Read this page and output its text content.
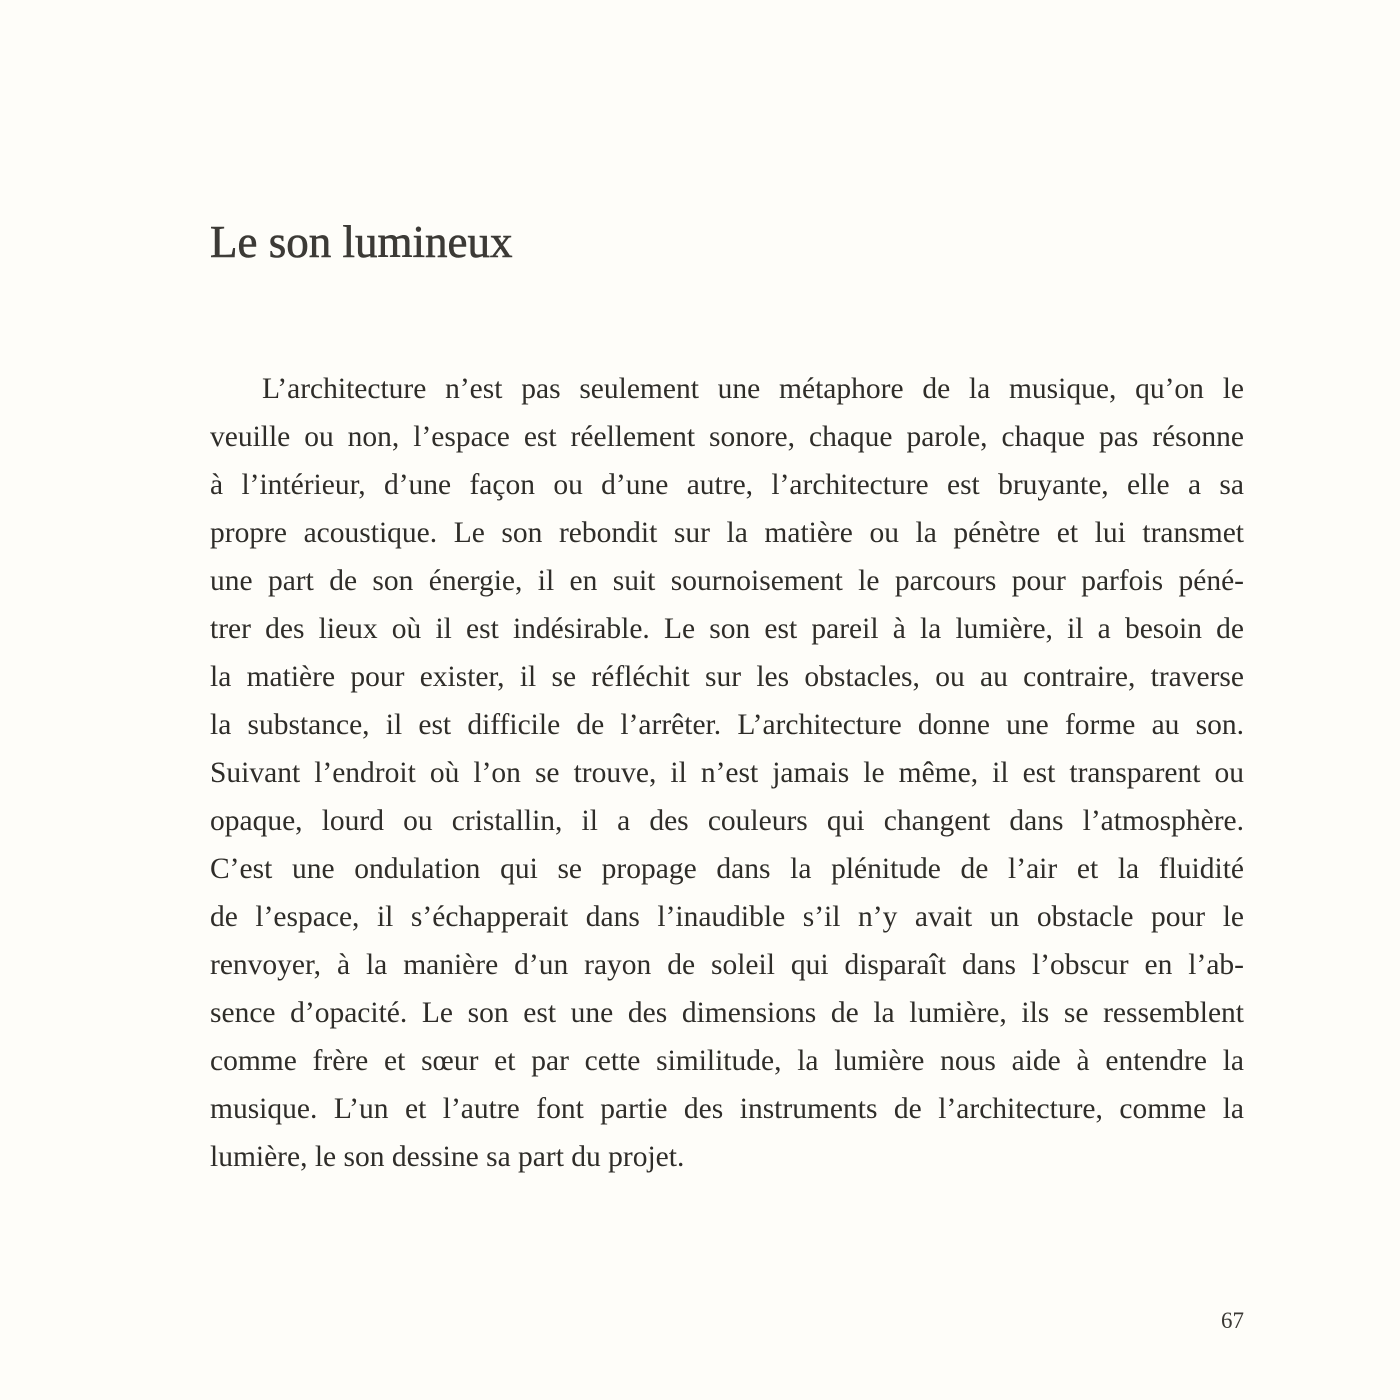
Le son lumineux
L’architecture n’est pas seulement une métaphore de la musique, qu’on le
veuille ou non, l’espace est réellement sonore, chaque parole, chaque pas résonne
à l’intérieur, d’une façon ou d’une autre, l’architecture est bruyante, elle a sa
propre acoustique. Le son rebondit sur la matière ou la pénètre et lui transmet
une part de son énergie, il en suit sournoisement le parcours pour parfois péné-
trer des lieux où il est indésirable. Le son est pareil à la lumière, il a besoin de
la matière pour exister, il se réfléchit sur les obstacles, ou au contraire, traverse
la substance, il est difficile de l’arrêter. L’architecture donne une forme au son.
Suivant l’endroit où l’on se trouve, il n’est jamais le même, il est transparent ou
opaque, lourd ou cristallin, il a des couleurs qui changent dans l’atmosphère.
C’est une ondulation qui se propage dans la plénitude de l’air et la fluidité
de l’espace, il s’échapperait dans l’inaudible s’il n’y avait un obstacle pour le
renvoyer, à la manière d’un rayon de soleil qui disparaît dans l’obscur en l’ab-
sence d’opacité. Le son est une des dimensions de la lumière, ils se ressemblent
comme frère et sœur et par cette similitude, la lumière nous aide à entendre la
musique. L’un et l’autre font partie des instruments de l’architecture, comme la
lumière, le son dessine sa part du projet.
67
